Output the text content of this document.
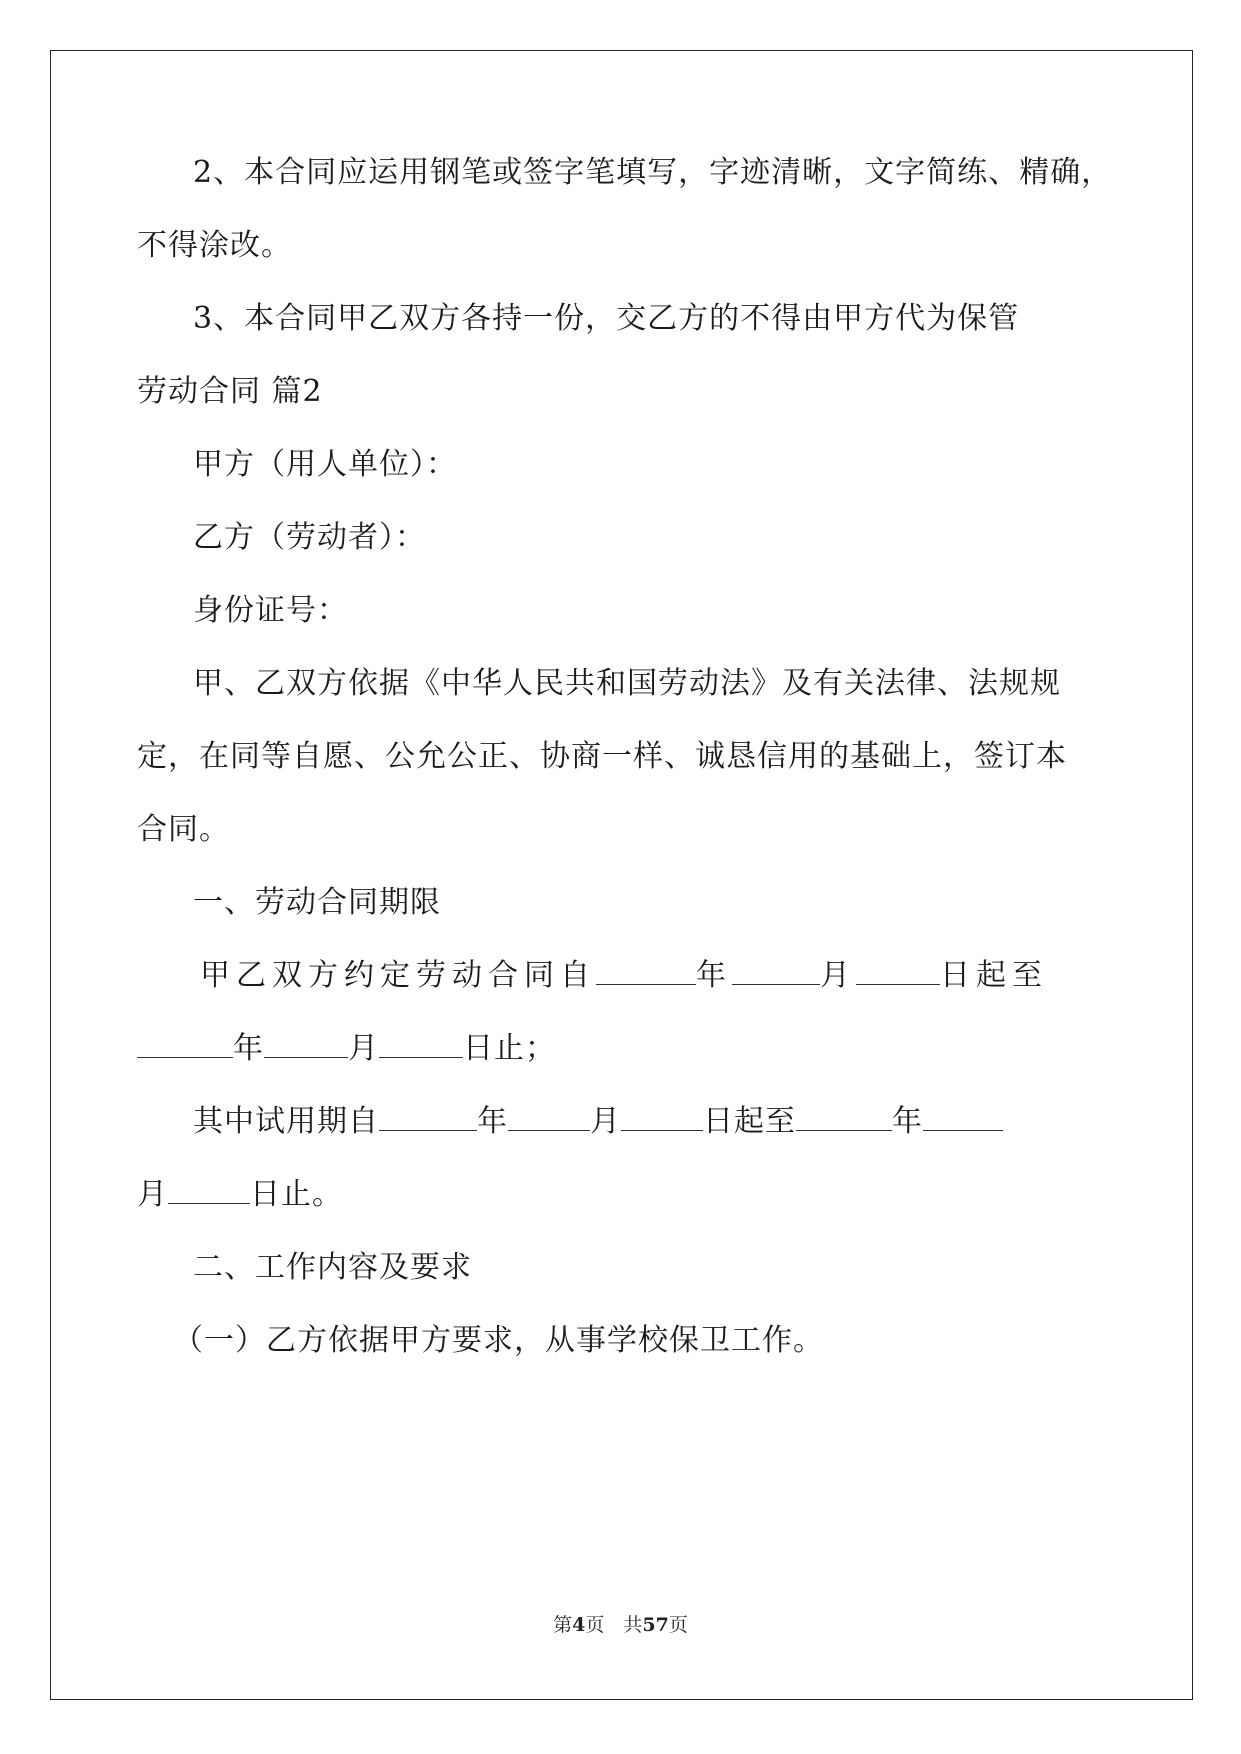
2、本合同应运用钢笔或签字笔填写，字迹清晰，文字简练、精确，
不得涂改。
3、本合同甲乙双方各持一份，交乙方的不得由甲方代为保管
劳动合同 篇2
甲方（用人单位）：
乙方（劳动者）：
身份证号：
甲、乙双方依据《中华人民共和国劳动法》及有关法律、法规规
定，在同等自愿、公允公正、协商一样、诚恳信用的基础上，签订本
合同。
一、劳动合同期限
甲乙双方约定劳动合同自	年	月	日起至
年	月	日止；
其中试用期自	年	月	日起至	年
月	日止。
二、工作内容及要求
（一）乙方依据甲方要求，从事学校保卫工作。
第4页　共57页
